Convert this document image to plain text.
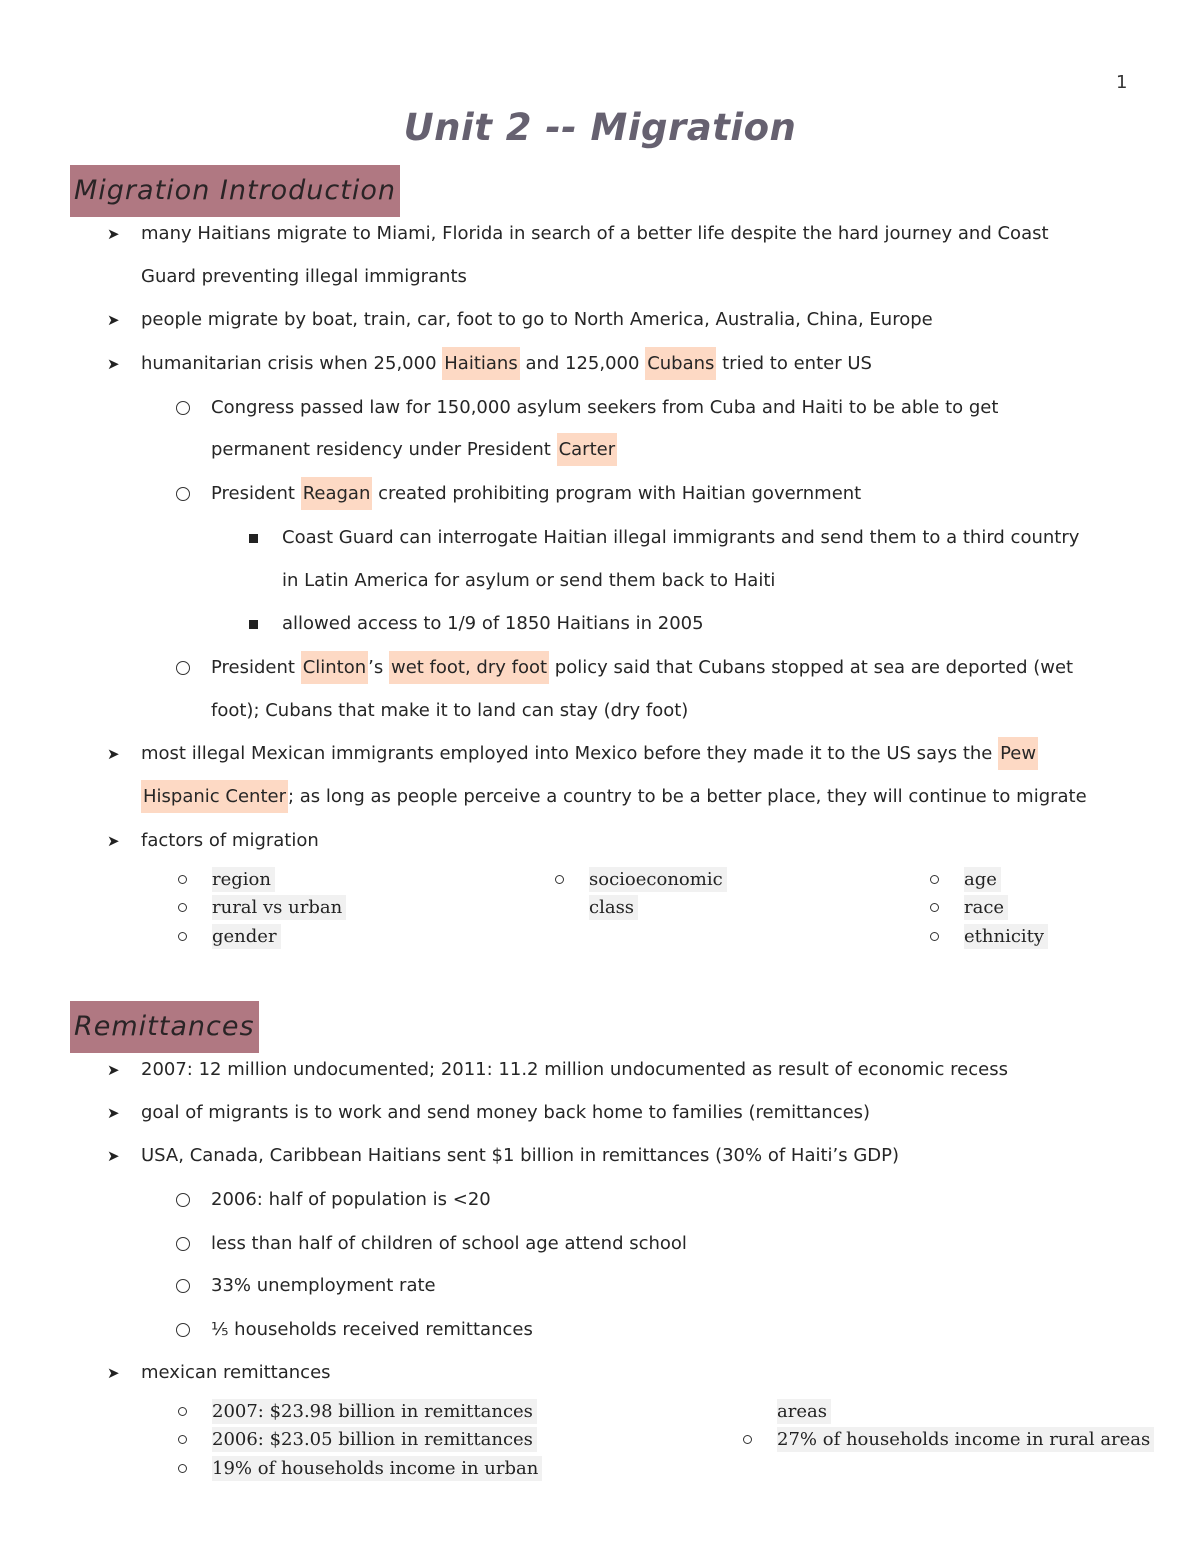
1
Unit 2 -- Migration
Migration Introduction
➤ many Haitians migrate to Miami, Florida in search of a better life despite the hard journey and Coast
Guard preventing illegal immigrants
➤ people migrate by boat, train, car, foot to go to North America, Australia, China, Europe
➤ humanitarian crisis when 25,000 Haitians and 125,000 Cubans tried to enter US
Congress passed law for 150,000 asylum seekers from Cuba and Haiti to be able to get
permanent residency under President Carter
President Reagan created prohibiting program with Haitian government
Coast Guard can interrogate Haitian illegal immigrants and send them to a third country
in Latin America for asylum or send them back to Haiti
allowed access to 1/9 of 1850 Haitians in 2005
President Clinton ’s wet foot, dry foot policy said that Cubans stopped at sea are deported (wet
foot); Cubans that make it to land can stay (dry foot)
➤ most illegal Mexican immigrants employed into Mexico before they made it to the US says the Pew
Hispanic Center ; as long as people perceive a country to be a better place, they will continue to migrate
➤ factors of migration
region
rural vs urban
gender
socioeconomic
class
age
race
ethnicity
Remittances
➤ 2007: 12 million undocumented; 2011: 11.2 million undocumented as result of economic recess
➤ goal of migrants is to work and send money back home to families (remittances)
➤ USA, Canada, Caribbean Haitians sent $1 billion in remittances (30% of Haiti’s GDP)
2006: half of population is <20
less than half of children of school age attend school
33% unemployment rate
⅕ households received remittances
➤ mexican remittances
2007: $23.98 billion in remittances
2006: $23.05 billion in remittances
19% of households income in urban
areas
27% of households income in rural areas
